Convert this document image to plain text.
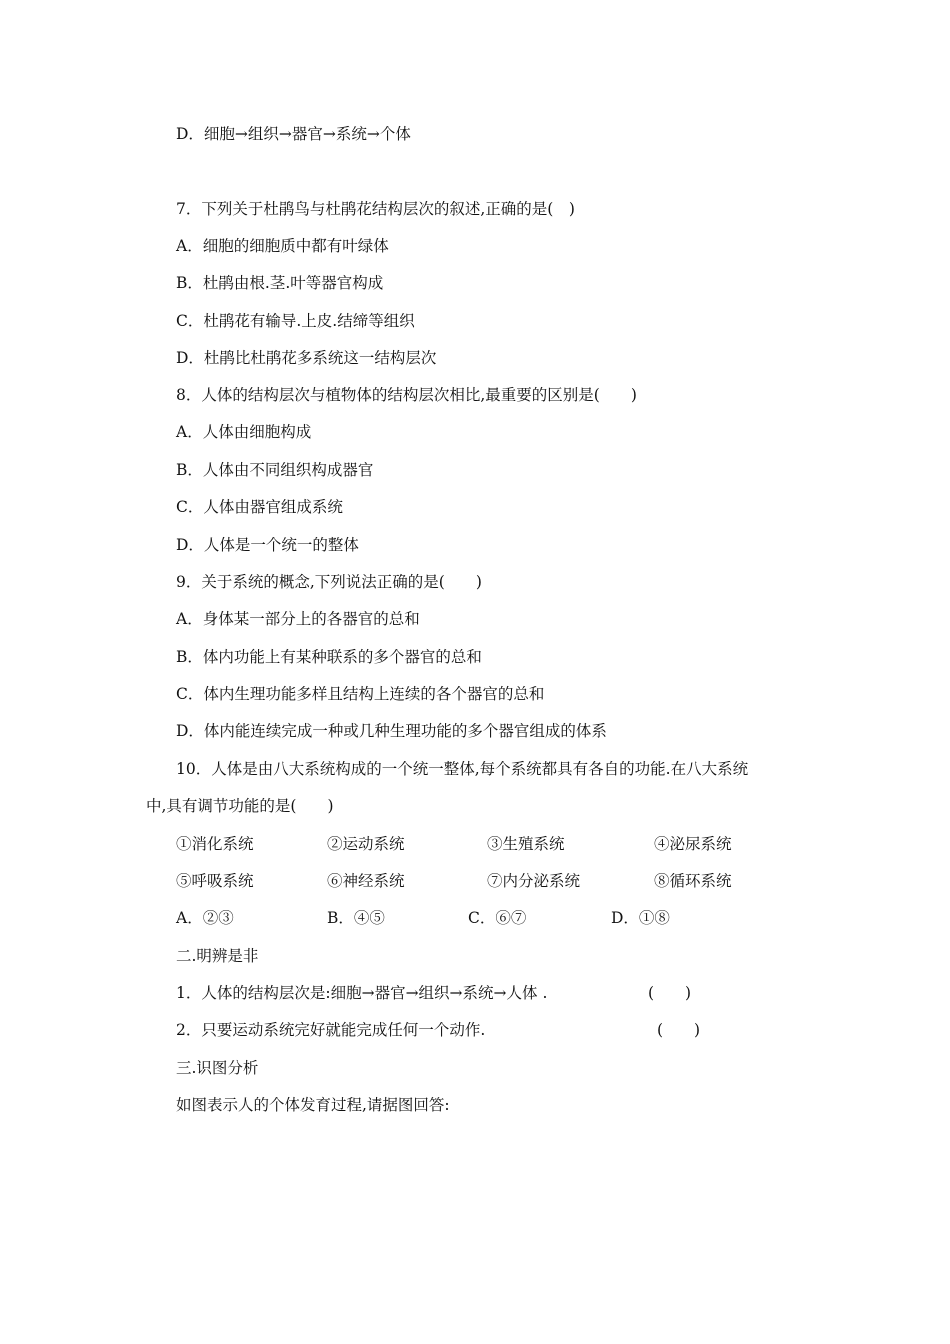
D．细胞→组织→器官→系统→个体
7．下列关于杜鹃鸟与杜鹃花结构层次的叙述,正确的是(　)
A．细胞的细胞质中都有叶绿体
B．杜鹃由根.茎.叶等器官构成
C．杜鹃花有输导.上皮.结缔等组织
D．杜鹃比杜鹃花多系统这一结构层次
8．人体的结构层次与植物体的结构层次相比,最重要的区别是(　　)
A．人体由细胞构成
B．人体由不同组织构成器官
C．人体由器官组成系统
D．人体是一个统一的整体
9．关于系统的概念,下列说法正确的是(　　)
A．身体某一部分上的各器官的总和
B．体内功能上有某种联系的多个器官的总和
C．体内生理功能多样且结构上连续的各个器官的总和
D．体内能连续完成一种或几种生理功能的多个器官组成的体系
10．人体是由八大系统构成的一个统一整体,每个系统都具有各自的功能.在八大系统
中,具有调节功能的是(　　)
①消化系统	②运动系统	③生殖系统	④泌尿系统
⑤呼吸系统	⑥神经系统	⑦内分泌系统	⑧循环系统
A．②③	B．④⑤	C．⑥⑦	D．①⑧
二.明辨是非
1．人体的结构层次是:细胞→器官→组织→系统→人体 .	(　　)
2．只要运动系统完好就能完成任何一个动作.	(　　)
三.识图分析
如图表示人的个体发育过程,请据图回答:
